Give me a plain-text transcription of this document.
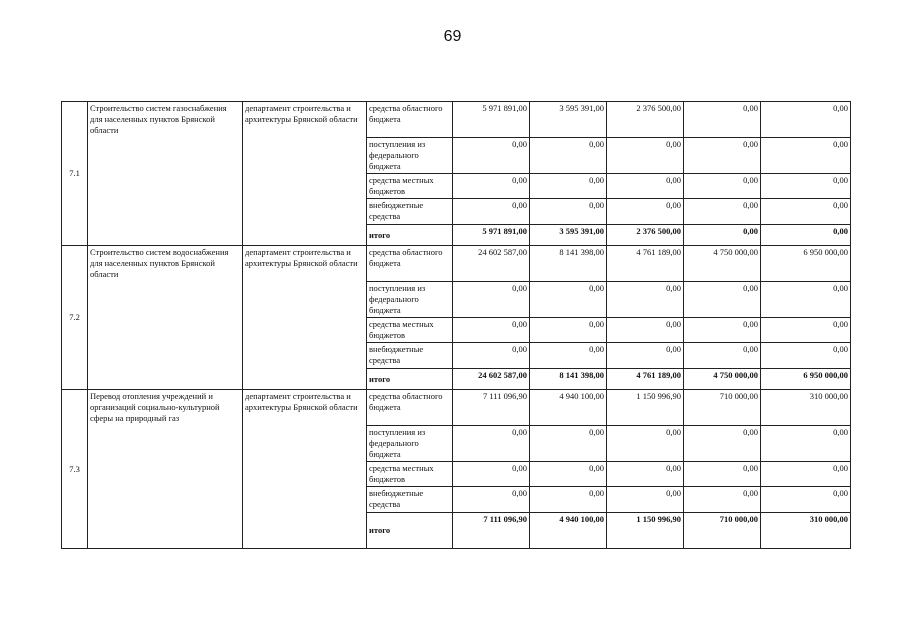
69
7.1	Строительство систем газоснабжения для населенных пунктов Брянской области	департамент строительства и архитектуры Брянской области	средства областного бюджета	5 971 891,00	3 595 391,00	2 376 500,00	0,00	0,00
			поступления из федерального бюджета	0,00	0,00	0,00	0,00	0,00
			средства местных бюджетов	0,00	0,00	0,00	0,00	0,00
			внебюджетные средства	0,00	0,00	0,00	0,00	0,00
			итого	5 971 891,00	3 595 391,00	2 376 500,00	0,00	0,00
7.2	Строительство систем водоснабжения для населенных пунктов Брянской области	департамент строительства и архитектуры Брянской области	средства областного бюджета	24 602 587,00	8 141 398,00	4 761 189,00	4 750 000,00	6 950 000,00
			поступления из федерального бюджета	0,00	0,00	0,00	0,00	0,00
			средства местных бюджетов	0,00	0,00	0,00	0,00	0,00
			внебюджетные средства	0,00	0,00	0,00	0,00	0,00
			итого	24 602 587,00	8 141 398,00	4 761 189,00	4 750 000,00	6 950 000,00
7.3	Перевод отопления учреждений и организаций социально-культурной сферы на природный газ	департамент строительства и архитектуры Брянской области	средства областного бюджета	7 111 096,90	4 940 100,00	1 150 996,90	710 000,00	310 000,00
			поступления из федерального бюджета	0,00	0,00	0,00	0,00	0,00
			средства местных бюджетов	0,00	0,00	0,00	0,00	0,00
			внебюджетные средства	0,00	0,00	0,00	0,00	0,00
			итого	7 111 096,90	4 940 100,00	1 150 996,90	710 000,00	310 000,00
